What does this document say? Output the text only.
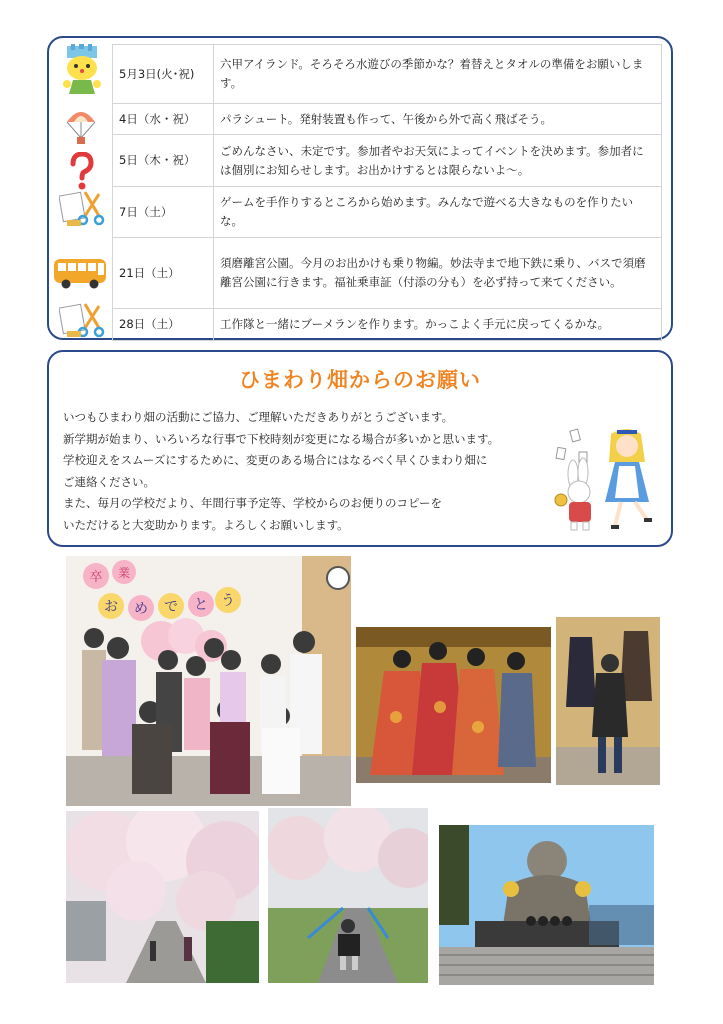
5月3日(火･祝)	六甲アイランド。そろそろ水遊びの季節かな？着替えとタオルの準備をお願いします。
4日（水・祝）	パラシュート。発射装置も作って、午後から外で高く飛ばそう。
5日（木・祝）	ごめんなさい、未定です。参加者やお天気によってイベントを決めます。参加者には個別にお知らせします。お出かけするとは限らないよ～。
7日（土）	ゲームを手作りするところから始めます。みんなで遊べる大きなものを作りたいな。
21日（土）	須磨離宮公園。今月のお出かけも乗り物編。妙法寺まで地下鉄に乗り、バスで須磨離宮公園に行きます。福祉乗車証（付添の分も）を必ず持って来てください。
28日（土）	工作隊と一緒にブーメランを作ります。かっこよく手元に戻ってくるかな。
ひまわり畑からのお願い
いつもひまわり畑の活動にご協力、ご理解いただきありがとうございます。
新学期が始まり、いろいろな行事で下校時刻が変更になる場合が多いかと思います。
学校迎えをスムーズにするために、変更のある場合にはなるべく早くひまわり畑に
ご連絡ください。
また、毎月の学校だより、年間行事予定等、学校からのお便りのコピーを
いただけると大変助かります。よろしくお願いします。
卒 業
お め で と う
